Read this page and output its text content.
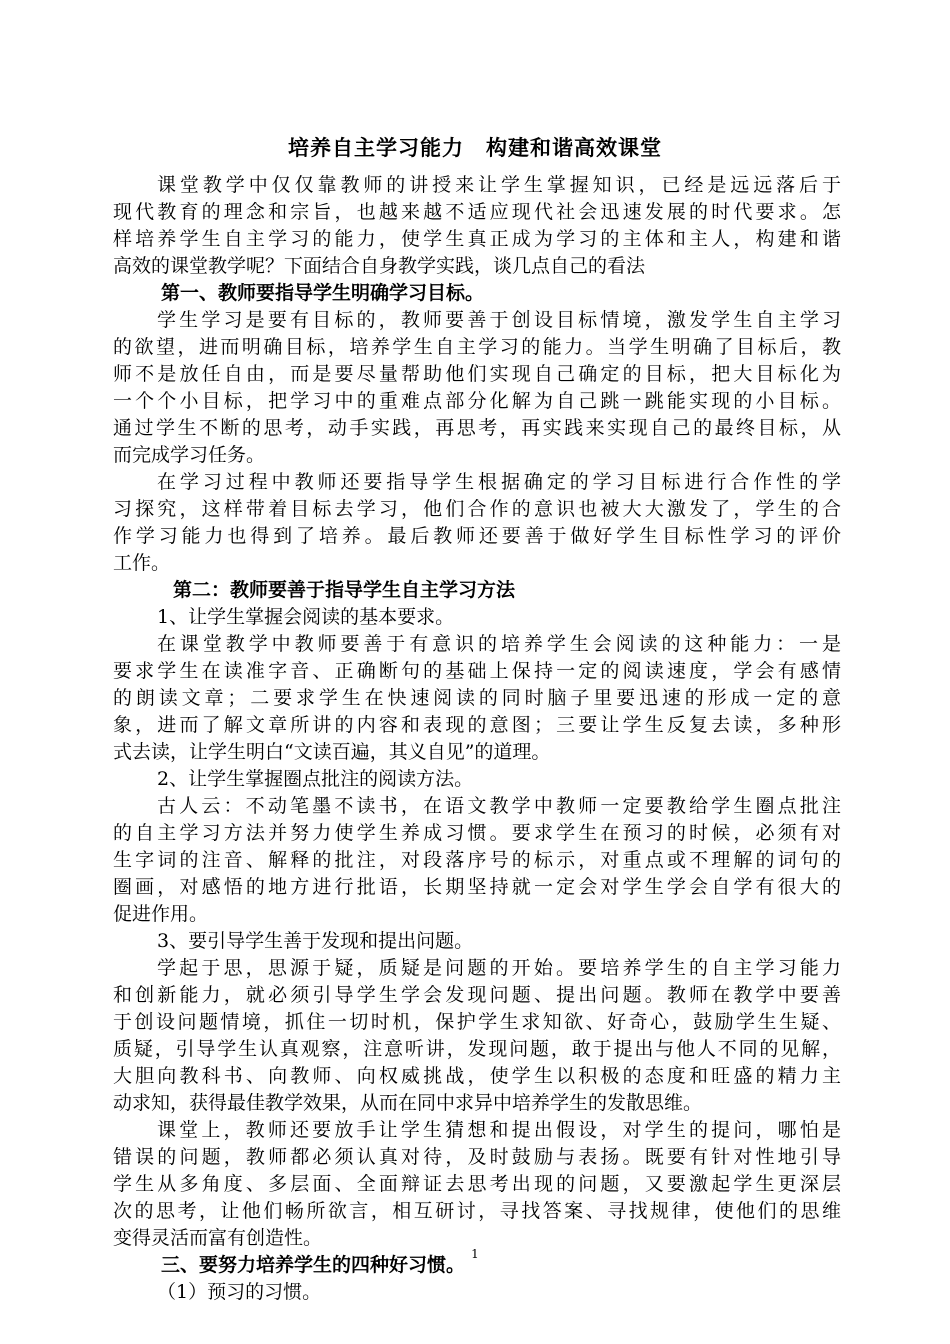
培养自主学习能力　构建和谐高效课堂
课堂教学中仅仅靠教师的讲授来让学生掌握知识，已经是远远落后于
现代教育的理念和宗旨，也越来越不适应现代社会迅速发展的时代要求。怎
样培养学生自主学习的能力，使学生真正成为学习的主体和主人，构建和谐
高效的课堂教学呢？下面结合自身教学实践，谈几点自己的看法
第一、教师要指导学生明确学习目标。
学生学习是要有目标的，教师要善于创设目标情境，激发学生自主学习
的欲望，进而明确目标，培养学生自主学习的能力。当学生明确了目标后，教
师不是放任自由，而是要尽量帮助他们实现自己确定的目标，把大目标化为
一个个小目标，把学习中的重难点部分化解为自己跳一跳能实现的小目标。
通过学生不断的思考，动手实践，再思考，再实践来实现自己的最终目标，从
而完成学习任务。
在学习过程中教师还要指导学生根据确定的学习目标进行合作性的学
习探究，这样带着目标去学习，他们合作的意识也被大大激发了，学生的合
作学习能力也得到了培养。最后教师还要善于做好学生目标性学习的评价
工作。
第二：教师要善于指导学生自主学习方法
1、让学生掌握会阅读的基本要求。
在课堂教学中教师要善于有意识的培养学生会阅读的这种能力：一是
要求学生在读准字音、正确断句的基础上保持一定的阅读速度，学会有感情
的朗读文章；二要求学生在快速阅读的同时脑子里要迅速的形成一定的意
象，进而了解文章所讲的内容和表现的意图；三要让学生反复去读，多种形
式去读，让学生明白“文读百遍，其义自见”的道理。
2、让学生掌握圈点批注的阅读方法。
古人云：不动笔墨不读书，在语文教学中教师一定要教给学生圈点批注
的自主学习方法并努力使学生养成习惯。要求学生在预习的时候，必须有对
生字词的注音、解释的批注，对段落序号的标示，对重点或不理解的词句的
圈画，对感悟的地方进行批语，长期坚持就一定会对学生学会自学有很大的
促进作用。
3、要引导学生善于发现和提出问题。
学起于思，思源于疑，质疑是问题的开始。要培养学生的自主学习能力
和创新能力，就必须引导学生学会发现问题、提出问题。教师在教学中要善
于创设问题情境，抓住一切时机，保护学生求知欲、好奇心，鼓励学生生疑、
质疑，引导学生认真观察，注意听讲，发现问题，敢于提出与他人不同的见解，
大胆向教科书、向教师、向权威挑战，使学生以积极的态度和旺盛的精力主
动求知，获得最佳教学效果，从而在同中求异中培养学生的发散思维。
课堂上，教师还要放手让学生猜想和提出假设，对学生的提问，哪怕是
错误的问题，教师都必须认真对待，及时鼓励与表扬。既要有针对性地引导
学生从多角度、多层面、全面辩证去思考出现的问题，又要激起学生更深层
次的思考，让他们畅所欲言，相互研讨，寻找答案、寻找规律，使他们的思维
变得灵活而富有创造性。
三、要努力培养学生的四种好习惯。
（1）预习的习惯。
1
